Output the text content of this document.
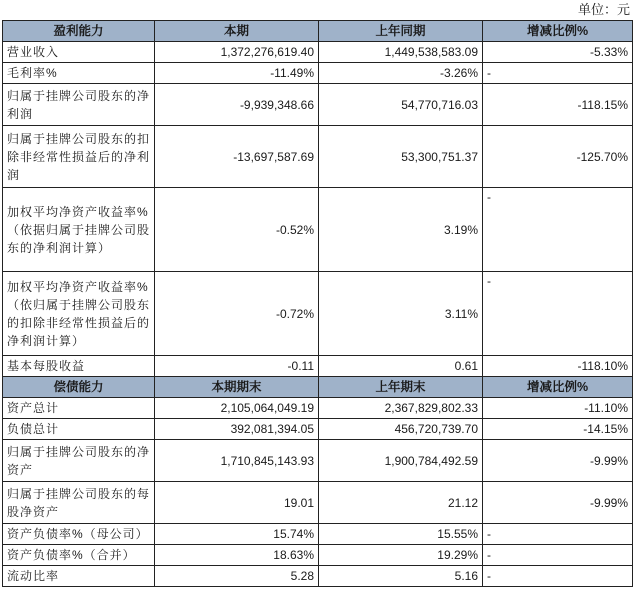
单位：元
盈利能力	本期	上年同期	增减比例%
营业收入	1,372,276,619.40	1,449,538,583.09	-5.33%
毛利率%	-11.49%	-3.26%	-
归属于挂牌公司股东的净利润	-9,939,348.66	54,770,716.03	-118.15%
归属于挂牌公司股东的扣除非经常性损益后的净利润	-13,697,587.69	53,300,751.37	-125.70%
加权平均净资产收益率%（依据归属于挂牌公司股东的净利润计算）	-0.52%	3.19%	-
加权平均净资产收益率%（依归属于挂牌公司股东的扣除非经常性损益后的净利润计算）	-0.72%	3.11%	-
基本每股收益	-0.11	0.61	-118.10%
偿债能力	本期期末	上年期末	增减比例%
资产总计	2,105,064,049.19	2,367,829,802.33	-11.10%
负债总计	392,081,394.05	456,720,739.70	-14.15%
归属于挂牌公司股东的净资产	1,710,845,143.93	1,900,784,492.59	-9.99%
归属于挂牌公司股东的每股净资产	19.01	21.12	-9.99%
资产负债率%（母公司）	15.74%	15.55%	-
资产负债率%（合并）	18.63%	19.29%	-
流动比率	5.28	5.16	-
